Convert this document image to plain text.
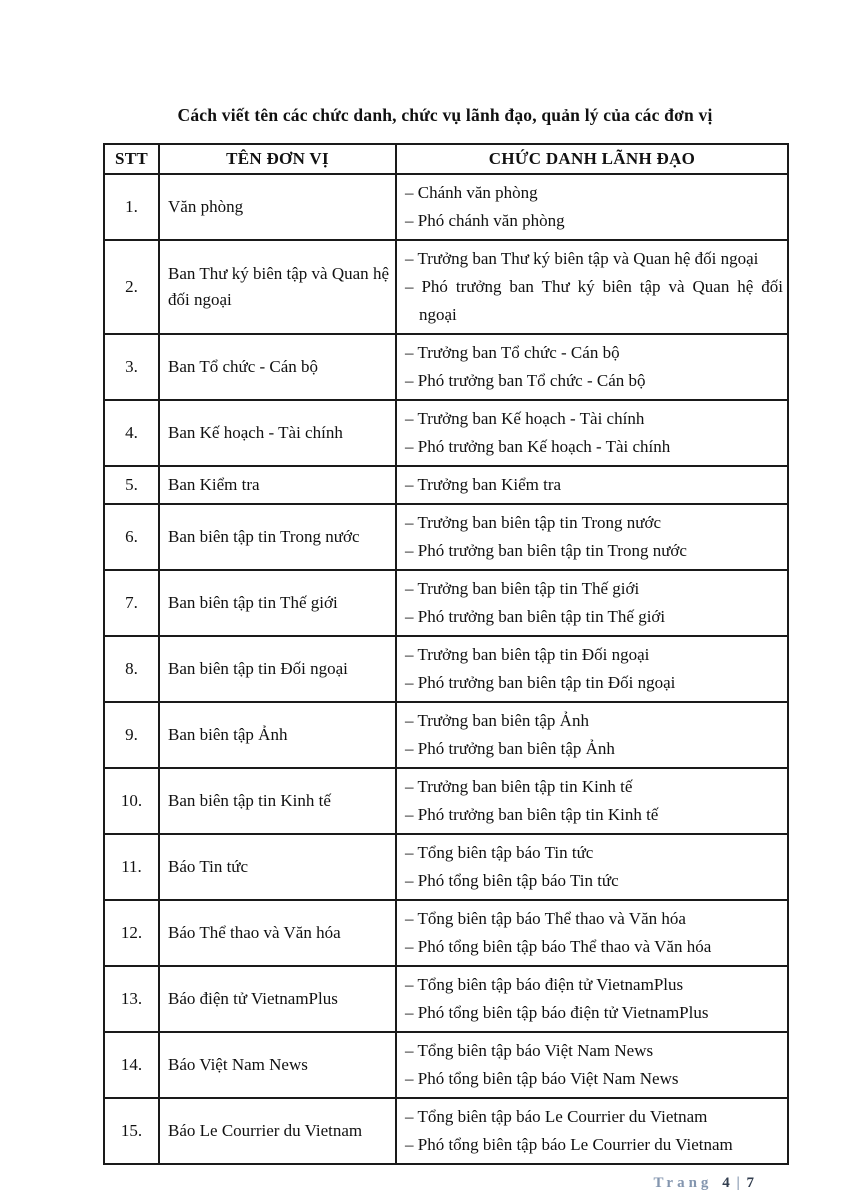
Cách viết tên các chức danh, chức vụ lãnh đạo, quản lý của các đơn vị
STT	TÊN ĐƠN VỊ	CHỨC DANH LÃNH ĐẠO
1.	Văn phòng	– Chánh văn phòng
– Phó chánh văn phòng

2.	Ban Thư ký biên tập và Quan hệ đối ngoại	– Trưởng ban Thư ký biên tập và Quan hệ đối ngoại
– Phó trưởng ban Thư ký biên tập và Quan hệ đối ngoại

3.	Ban Tổ chức - Cán bộ	– Trưởng ban Tổ chức - Cán bộ
– Phó trưởng ban Tổ chức - Cán bộ

4.	Ban Kế hoạch - Tài chính	– Trưởng ban Kế hoạch - Tài chính
– Phó trưởng ban Kế hoạch - Tài chính

5.	Ban Kiểm tra	– Trưởng ban Kiểm tra

6.	Ban biên tập tin Trong nước	– Trưởng ban biên tập tin Trong nước
– Phó trưởng ban biên tập tin Trong nước

7.	Ban biên tập tin Thế giới	– Trưởng ban biên tập tin Thế giới
– Phó trưởng ban biên tập tin Thế giới

8.	Ban biên tập tin Đối ngoại	– Trưởng ban biên tập tin Đối ngoại
– Phó trưởng ban biên tập tin Đối ngoại

9.	Ban biên tập Ảnh	– Trưởng ban biên tập Ảnh
– Phó trưởng ban biên tập Ảnh

10.	Ban biên tập tin Kinh tế	– Trưởng ban biên tập tin Kinh tế
– Phó trưởng ban biên tập tin Kinh tế

11.	Báo Tin tức	– Tổng biên tập báo Tin tức
– Phó tổng biên tập báo Tin tức

12.	Báo Thể thao và Văn hóa	– Tổng biên tập báo Thể thao và Văn hóa
– Phó tổng biên tập báo Thể thao và Văn hóa

13.	Báo điện tử VietnamPlus	– Tổng biên tập báo điện tử VietnamPlus
– Phó tổng biên tập báo điện tử VietnamPlus

14.	Báo Việt Nam News	– Tổng biên tập báo Việt Nam News
– Phó tổng biên tập báo Việt Nam News

15.	Báo Le Courrier du Vietnam	– Tổng biên tập báo Le Courrier du Vietnam
– Phó tổng biên tập báo Le Courrier du Vietnam
Trang 4 | 7
